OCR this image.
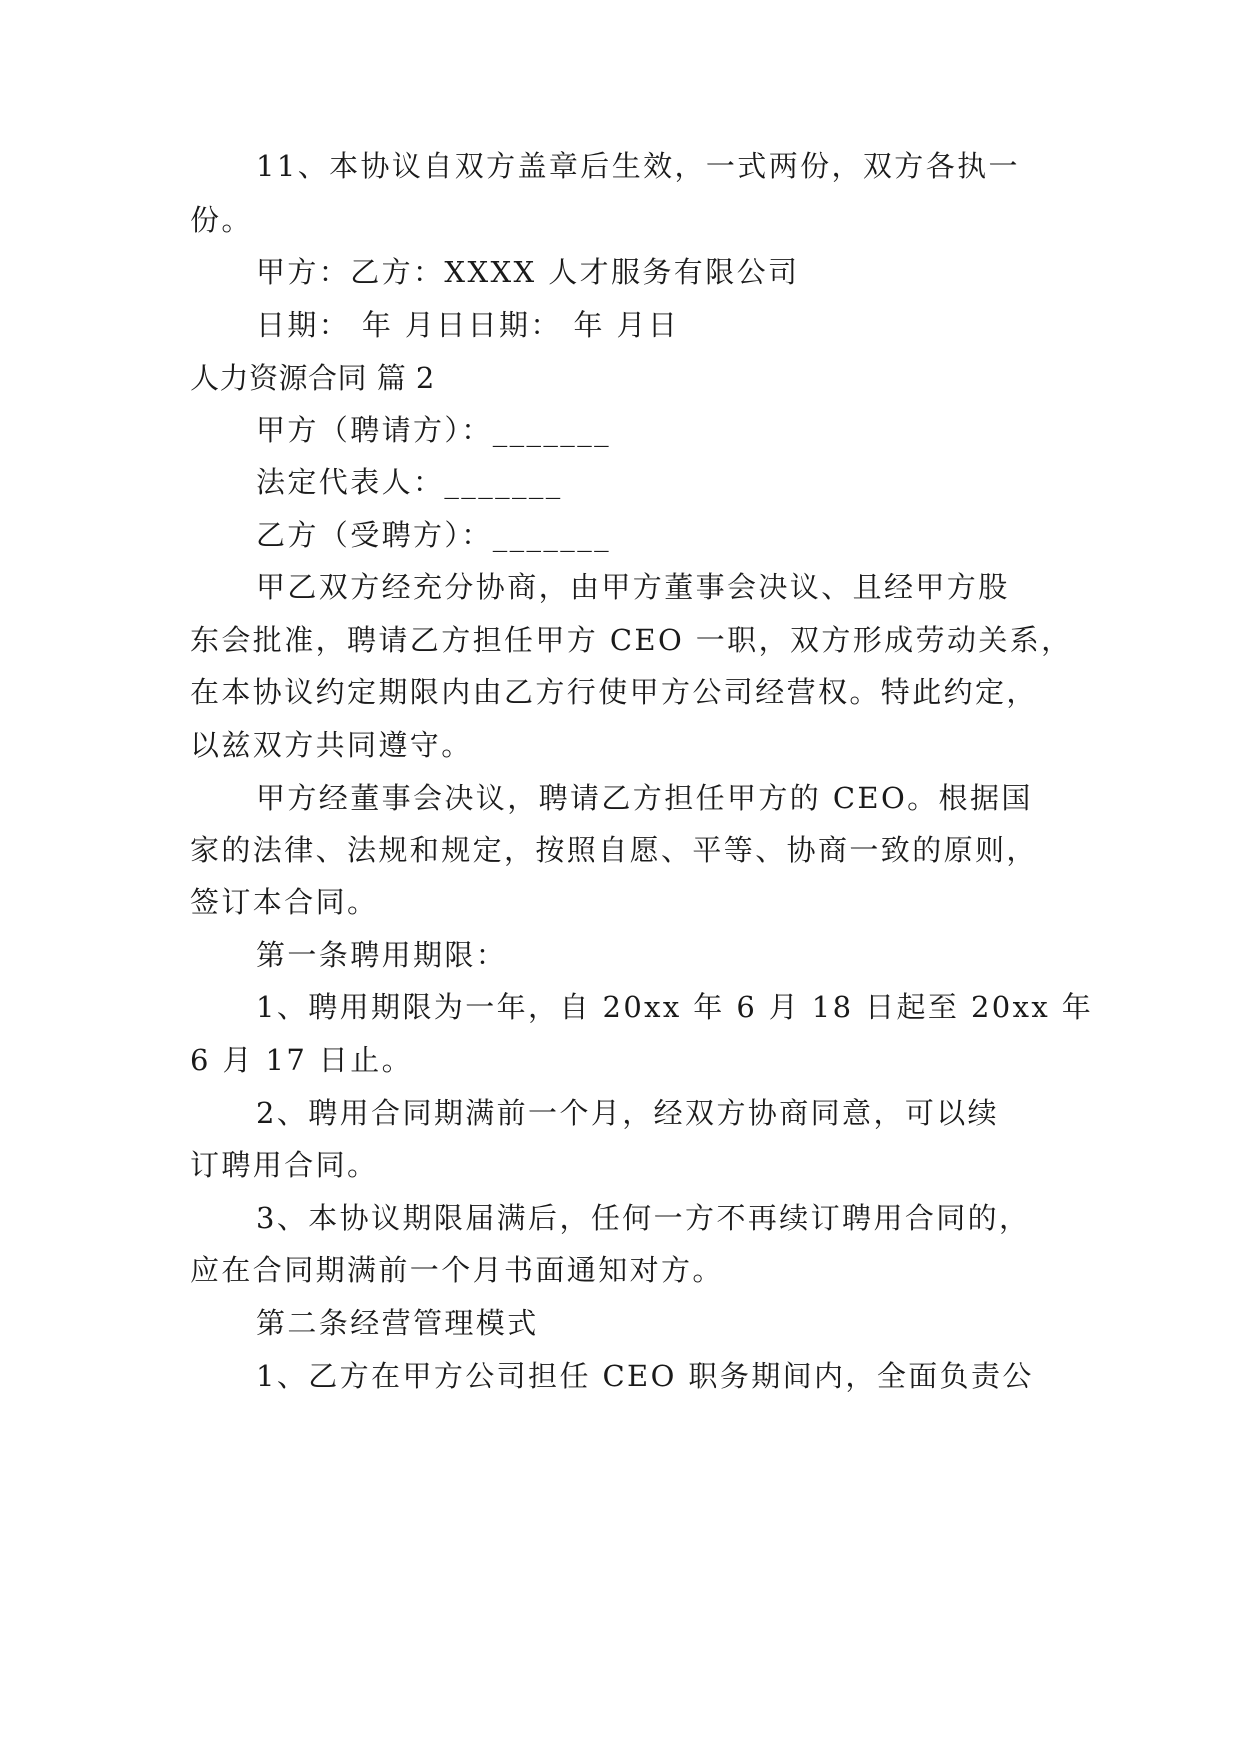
11、本协议自双方盖章后生效，一式两份，双方各执一
份。
甲方：乙方：XXXX 人才服务有限公司
日期： 年 月日日期： 年 月日
人力资源合同 篇 2
甲方（聘请方）：_______
法定代表人：_______
乙方（受聘方）：_______
甲乙双方经充分协商，由甲方董事会决议、且经甲方股
东会批准，聘请乙方担任甲方 CEO 一职，双方形成劳动关系，
在本协议约定期限内由乙方行使甲方公司经营权。特此约定，
以兹双方共同遵守。
甲方经董事会决议，聘请乙方担任甲方的 CEO。根据国
家的法律、法规和规定，按照自愿、平等、协商一致的原则，
签订本合同。
第一条聘用期限：
1、聘用期限为一年，自 20xx 年 6 月 18 日起至 20xx 年
6 月 17 日止。
2、聘用合同期满前一个月，经双方协商同意，可以续
订聘用合同。
3、本协议期限届满后，任何一方不再续订聘用合同的，
应在合同期满前一个月书面通知对方。
第二条经营管理模式
1、乙方在甲方公司担任 CEO 职务期间内，全面负责公
